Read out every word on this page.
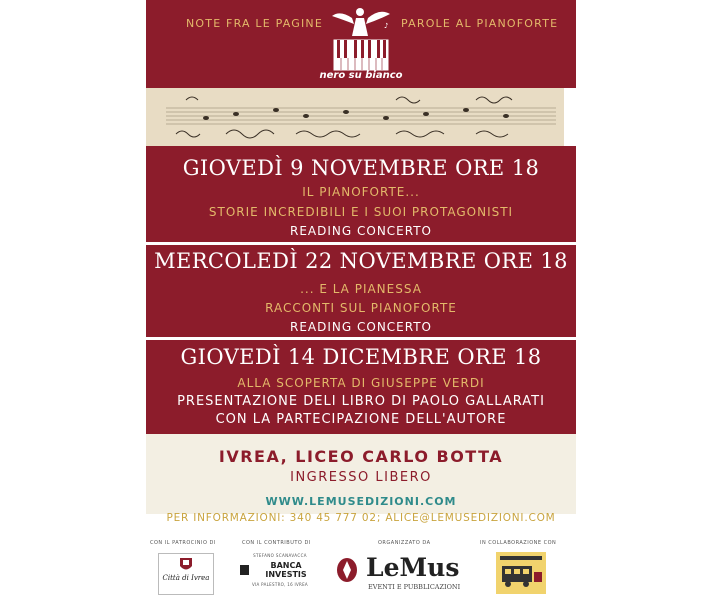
NOTE FRA LE PAGINE	PAROLE AL PIANOFORTE
♪
nero su bianco
GIOVEDÌ 9 NOVEMBRE ORE 18
IL PIANOFORTE...
STORIE INCREDIBILI E I SUOI PROTAGONISTI
READING CONCERTO
MERCOLEDÌ 22 NOVEMBRE ORE 18
... E LA PIANESSA
RACCONTI SUL PIANOFORTE
READING CONCERTO
GIOVEDÌ 14 DICEMBRE ORE 18
ALLA SCOPERTA DI GIUSEPPE VERDI
PRESENTAZIONE DELI LIBRO DI PAOLO GALLARATI
CON LA PARTECIPAZIONE DELL'AUTORE
IVREA, LICEO CARLO BOTTA
INGRESSO LIBERO
WWW.LEMUSEDIZIONI.COM
PER INFORMAZIONI: 340 45 777 02; ALICE@LEMUSEDIZIONI.COM
CON IL PATROCINIO DI	CON IL CONTRIBUTO DI	ORGANIZZATO DA	IN COLLABORAZIONE CON
Città di Ivrea
STEFANO SCANAVACCA
BANCA INVESTIS
VIA PALESTRO, 16 IVREA
LeMus
EVENTI E PUBBLICAZIONI
